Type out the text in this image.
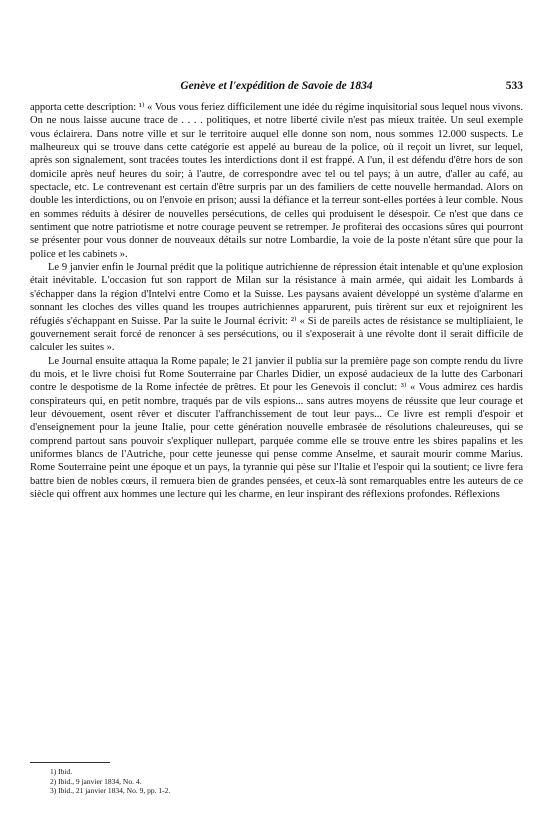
Genève et l'expédition de Savoie de 1834	533

apporta cette description: ¹⁾ « Vous vous feriez difficilement une idée du régime inquisitorial sous lequel nous vivons. On ne nous laisse aucune trace de . . . . politiques, et notre liberté civile n'est pas mieux traitée. Un seul exemple vous éclairera. Dans notre ville et sur le territoire auquel elle donne son nom, nous sommes 12.000 suspects. Le malheureux qui se trouve dans cette catégorie est appelé au bureau de la police, où il reçoit un livret, sur lequel, après son signalement, sont tracées toutes les interdictions dont il est frappé. A l'un, il est défendu d'être hors de son domicile après neuf heures du soir; à l'autre, de correspondre avec tel ou tel pays; à un autre, d'aller au café, au spectacle, etc. Le contrevenant est certain d'être surpris par un des familiers de cette nouvelle hermandad. Alors on double les interdictions, ou on l'envoie en prison; aussi la défiance et la terreur sont-elles portées à leur comble. Nous en sommes réduits à désirer de nouvelles persécutions, de celles qui produisent le désespoir. Ce n'est que dans ce sentiment que notre patriotisme et notre courage peuvent se retremper. Je profiterai des occasions sûres qui pourront se présenter pour vous donner de nouveaux détails sur notre Lombardie, la voie de la poste n'étant sûre que pour la police et les cabinets ».

Le 9 janvier enfin le Journal prédit que la politique autrichienne de répression était intenable et qu'une explosion était inévitable. L'occasion fut son rapport de Milan sur la résistance à main armée, qui aidait les Lombards à s'échapper dans la région d'Intelvi entre Como et la Suisse. Les paysans avaient développé un système d'alarme en sonnant les cloches des villes quand les troupes autrichiennes apparurent, puis tirèrent sur eux et rejoignirent les réfugiés s'échappant en Suisse. Par la suite le Journal écrivit: ²⁾ « Si de pareils actes de résistance se multipliaient, le gouvernement serait forcé de renoncer à ses persécutions, ou il s'exposerait à une révolte dont il serait difficile de calculer les suites ».

Le Journal ensuite attaqua la Rome papale; le 21 janvier il publia sur la première page son compte rendu du livre du mois, et le livre choisi fut Rome Souterraine par Charles Didier, un exposé audacieux de la lutte des Carbonari contre le despotisme de la Rome infectée de prêtres. Et pour les Genevois il conclut: ³⁾ « Vous admirez ces hardis conspirateurs qui, en petit nombre, traqués par de vils espions... sans autres moyens de réussite que leur courage et leur dévouement, osent rêver et discuter l'affranchissement de tout leur pays... Ce livre est rempli d'espoir et d'enseignement pour la jeune Italie, pour cette génération nouvelle embrasée de résolutions chaleureuses, qui se comprend partout sans pouvoir s'expliquer nullepart, parquée comme elle se trouve entre les sbires papalins et les uniformes blancs de l'Autriche, pour cette jeunesse qui pense comme Anselme, et saurait mourir comme Marius. Rome Souterraine peint une époque et un pays, la tyrannie qui pèse sur l'Italie et l'espoir qui la soutient; ce livre fera battre bien de nobles cœurs, il remuera bien de grandes pensées, et ceux-là sont remarquables entre les auteurs de ce siècle qui offrent aux hommes une lecture qui les charme, en leur inspirant des réflexions profondes. Réflexions

1) Ibid.
2) Ibid., 9 janvier 1834, No. 4.
3) Ibid., 21 janvier 1834, No. 9, pp. 1-2.
